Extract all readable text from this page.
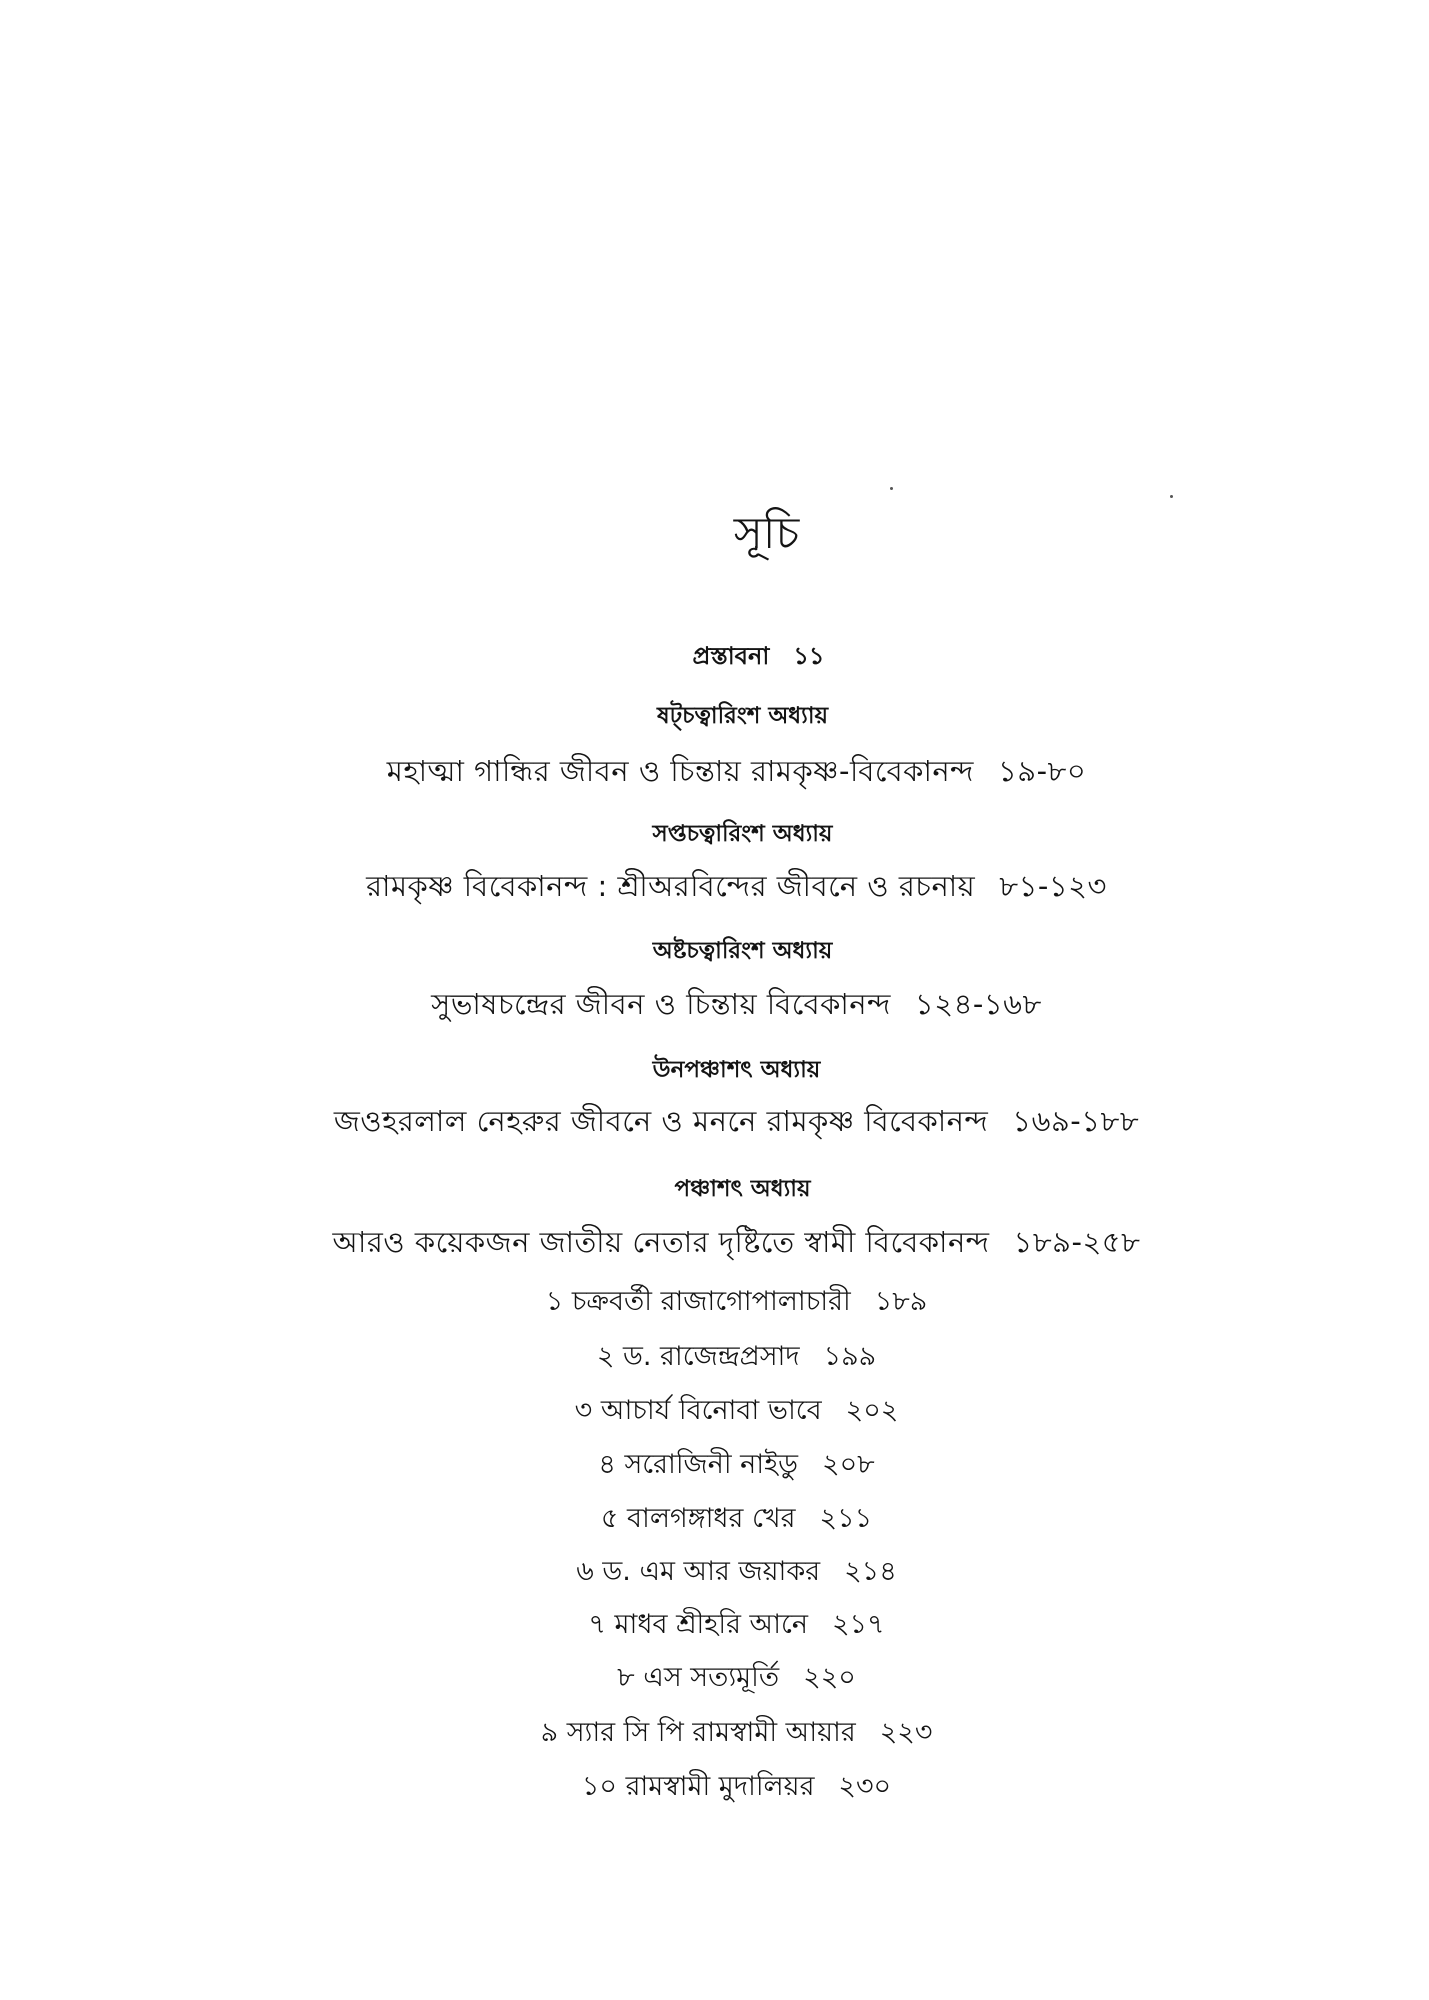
সূচি
প্রস্তাবনা ১১
ষট্চত্বারিংশ অধ্যায়
মহাত্মা গান্ধির জীবন ও চিন্তায় রামকৃষ্ণ-বিবেকানন্দ ১৯-৮০
সপ্তচত্বারিংশ অধ্যায়
রামকৃষ্ণ বিবেকানন্দ : শ্রীঅরবিন্দের জীবনে ও রচনায় ৮১-১২৩
অষ্টচত্বারিংশ অধ্যায়
সুভাষচন্দ্রের জীবন ও চিন্তায় বিবেকানন্দ ১২৪-১৬৮
উনপঞ্চাশৎ অধ্যায়
জওহরলাল নেহরুর জীবনে ও মননে রামকৃষ্ণ বিবেকানন্দ ১৬৯-১৮৮
পঞ্চাশৎ অধ্যায়
আরও কয়েকজন জাতীয় নেতার দৃষ্টিতে স্বামী বিবেকানন্দ ১৮৯-২৫৮
১ চক্রবর্তী রাজাগোপালাচারী ১৮৯
২ ড. রাজেন্দ্রপ্রসাদ ১৯৯
৩ আচার্য বিনোবা ভাবে ২০২
৪ সরোজিনী নাইডু ২০৮
৫ বালগঙ্গাধর খের ২১১
৬ ড. এম আর জয়াকর ২১৪
৭ মাধব শ্রীহরি আনে ২১৭
৮ এস সত্যমূর্তি ২২০
৯ স্যার সি পি রামস্বামী আয়ার ২২৩
১০ রামস্বামী মুদালিয়র ২৩০
